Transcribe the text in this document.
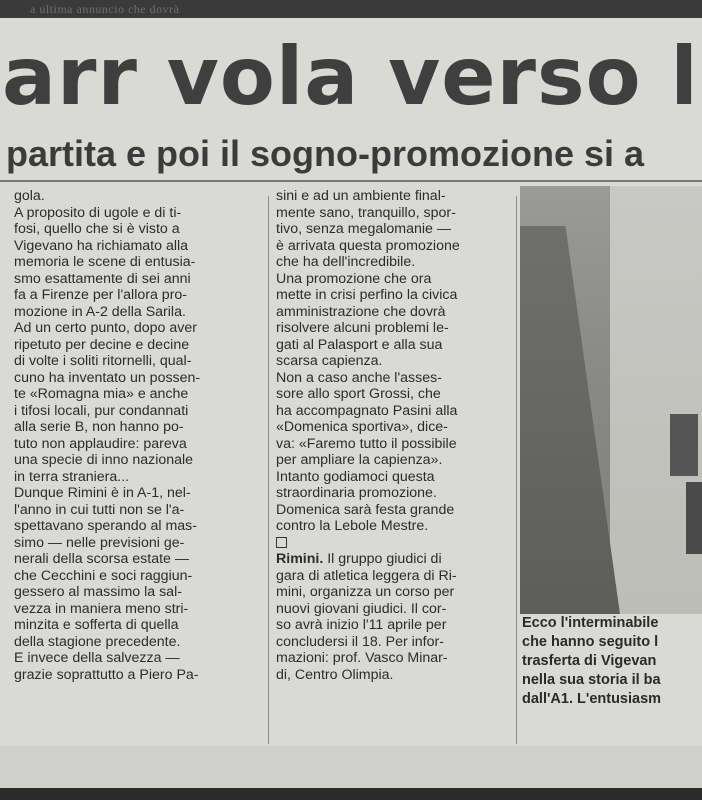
a ultima annuncio che dovrà
arr vola verso l
partita e poi il sogno-promozione si a
gola.
A proposito di ugole e di ti-
fosi, quello che si è visto a
Vigevano ha richiamato alla
memoria le scene di entusia-
smo esattamente di sei anni
fa a Firenze per l'allora pro-
mozione in A-2 della Sarila.
Ad un certo punto, dopo aver
ripetuto per decine e decine
di volte i soliti ritornelli, qual-
cuno ha inventato un possen-
te «Romagna mia» e anche
i tifosi locali, pur condannati
alla serie B, non hanno po-
tuto non applaudire: pareva
una specie di inno nazionale
in terra straniera...
Dunque Rimini è in A-1, nel-
l'anno in cui tutti non se l'a-
spettavano sperando al mas-
simo — nelle previsioni ge-
nerali della scorsa estate —
che Cecchini e soci raggiun-
gessero al massimo la sal-
vezza in maniera meno stri-
minzita e sofferta di quella
della stagione precedente.
E invece della salvezza —
grazie soprattutto a Piero Pa-
sini e ad un ambiente final-
mente sano, tranquillo, spor-
tivo, senza megalomanie —
è arrivata questa promozione
che ha dell'incredibile.
Una promozione che ora
mette in crisi perfino la civica
amministrazione che dovrà
risolvere alcuni problemi le-
gati al Palasport e alla sua
scarsa capienza.
Non a caso anche l'asses-
sore allo sport Grossi, che
ha accompagnato Pasini alla
«Domenica sportiva», dice-
va: «Faremo tutto il possibile
per ampliare la capienza».
Intanto godiamoci questa
straordinaria promozione.
Domenica sarà festa grande
contro la Lebole Mestre.
Rimini. Il gruppo giudici di
gara di atletica leggera di Ri-
mini, organizza un corso per
nuovi giovani giudici. Il cor-
so avrà inizio l'11 aprile per
concludersi il 18. Per infor-
mazioni: prof. Vasco Minar-
di, Centro Olimpia.
Ecco l'interminabile
che hanno seguito l
trasferta di Vigevan
nella sua storia il ba
dall'A1. L'entusiasm
